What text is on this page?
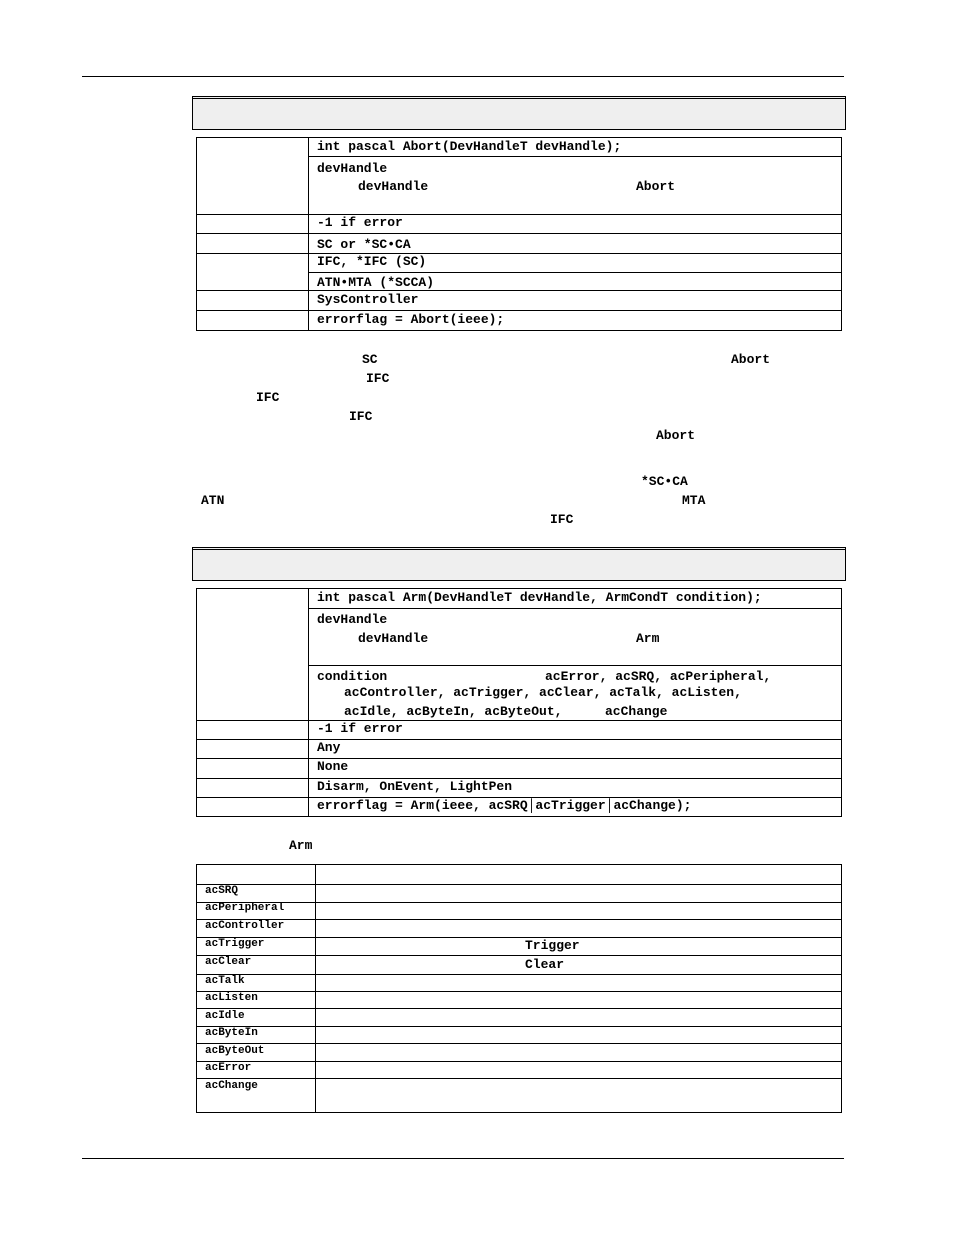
int pascal Abort(DevHandleT devHandle);
devHandle
devHandle	Abort
-1 if error
SC or *SC•CA
IFC, *IFC (SC)
ATN•MTA (*SCCA)
SysController
errorflag = Abort(ieee);
SC	Abort
IFC
IFC
IFC
Abort
*SC•CA
ATN	MTA
IFC
int pascal Arm(DevHandleT devHandle, ArmCondT condition);
devHandle
devHandle	Arm
condition	acError, acSRQ, acPeripheral,
acController, acTrigger, acClear, acTalk, acListen,
acIdle, acByteIn, acByteOut,	acChange
-1 if error
Any
None
Disarm, OnEvent, LightPen
errorflag = Arm(ieee, acSRQ│acTrigger│acChange);
Arm
acSRQ
acPeripheral
acController
acTrigger	Trigger
acClear	Clear
acTalk
acListen
acIdle
acByteIn
acByteOut
acError
acChange
